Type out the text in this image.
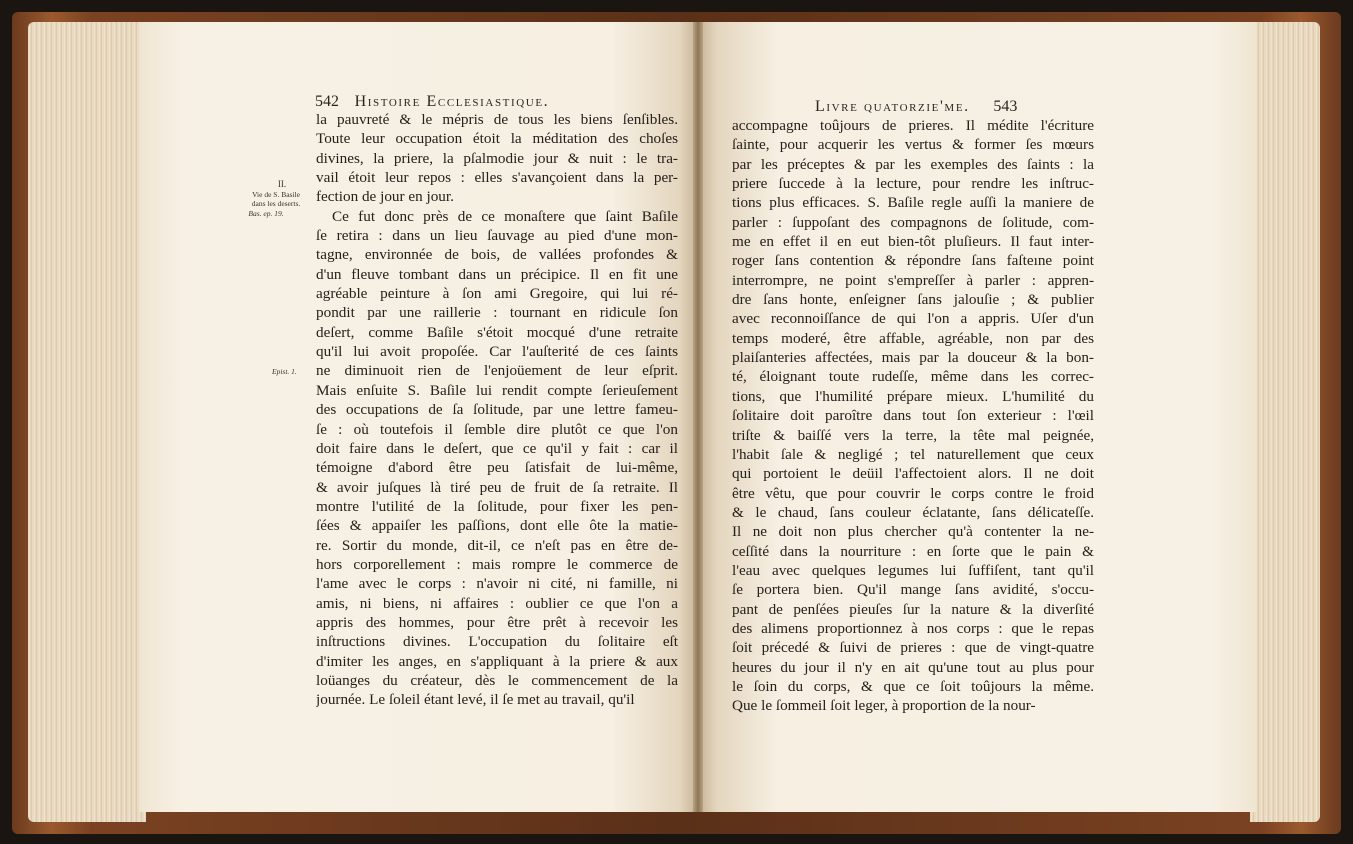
542 Histoire Ecclesiastique.
II.
Vie de S. Basile
dans les deserts.
Bas. ep. 19.
Epist. 1.
la pauvreté & le mépris de tous les biens ſenſibles.
Toute leur occupation étoit la méditation des choſes
divines, la priere, la pſalmodie jour & nuit : le tra-
vail étoit leur repos : elles s'avançoient dans la per-
fection de jour en jour.
Ce fut donc près de ce monaſtere que ſaint Baſile
ſe retira : dans un lieu ſauvage au pied d'une mon-
tagne, environnée de bois, de vallées profondes &
d'un fleuve tombant dans un précipice. Il en fit une
agréable peinture à ſon ami Gregoire, qui lui ré-
pondit par une raillerie : tournant en ridicule ſon
deſert, comme Baſile s'étoit mocqué d'une retraite
qu'il lui avoit propoſée. Car l'auſterité de ces ſaints
ne diminuoit rien de l'enjoüement de leur eſprit.
Mais enſuite S. Baſile lui rendit compte ſerieuſement
des occupations de ſa ſolitude, par une lettre fameu-
ſe : où toutefois il ſemble dire plutôt ce que l'on
doit faire dans le deſert, que ce qu'il y fait : car il
témoigne d'abord être peu ſatisfait de lui-même,
& avoir juſques là tiré peu de fruit de ſa retraite. Il
montre l'utilité de la ſolitude, pour fixer les pen-
ſées & appaiſer les paſſions, dont elle ôte la matie-
re. Sortir du monde, dit-il, ce n'eſt pas en être de-
hors corporellement : mais rompre le commerce de
l'ame avec le corps : n'avoir ni cité, ni famille, ni
amis, ni biens, ni affaires : oublier ce que l'on a
appris des hommes, pour être prêt à recevoir les
inſtructions divines. L'occupation du ſolitaire eſt
d'imiter les anges, en s'appliquant à la priere & aux
loüanges du créateur, dès le commencement de la
journée. Le ſoleil étant levé, il ſe met au travail, qu'il
Livre quatorzie'me. 543
accompagne toûjours de prieres. Il médite l'écriture
ſainte, pour acquerir les vertus & former ſes mœurs
par les préceptes & par les exemples des ſaints : la
priere ſuccede à la lecture, pour rendre les inſtruc-
tions plus efficaces. S. Baſile regle auſſi la maniere de
parler : ſuppoſant des compagnons de ſolitude, com-
me en effet il en eut bien-tôt pluſieurs. Il faut inter-
roger ſans contention & répondre ſans faſteıne point
interrompre, ne point s'empreſſer à parler : appren-
dre ſans honte, enſeigner ſans jalouſie ; & publier
avec reconnoiſſance de qui l'on a appris. Uſer d'un
temps moderé, être affable, agréable, non par des
plaiſanteries affectées, mais par la douceur & la bon-
té, éloignant toute rudeſſe, même dans les correc-
tions, que l'humilité prépare mieux. L'humilité du
ſolitaire doit paroître dans tout ſon exterieur : l'œil
triſte & baiſſé vers la terre, la tête mal peignée,
l'habit ſale & negligé ; tel naturellement que ceux
qui portoient le deüil l'affectoient alors. Il ne doit
être vêtu, que pour couvrir le corps contre le froid
& le chaud, ſans couleur éclatante, ſans délicateſſe.
Il ne doit non plus chercher qu'à contenter la ne-
ceſſité dans la nourriture : en ſorte que le pain &
l'eau avec quelques legumes lui ſuffiſent, tant qu'il
ſe portera bien. Qu'il mange ſans avidité, s'occu-
pant de penſées pieuſes ſur la nature & la diverſité
des alimens proportionnez à nos corps : que le repas
ſoit précedé & ſuivi de prieres : que de vingt-quatre
heures du jour il n'y en ait qu'une tout au plus pour
le ſoin du corps, & que ce ſoit toûjours la même.
Que le ſommeil ſoit leger, à proportion de la nour-
